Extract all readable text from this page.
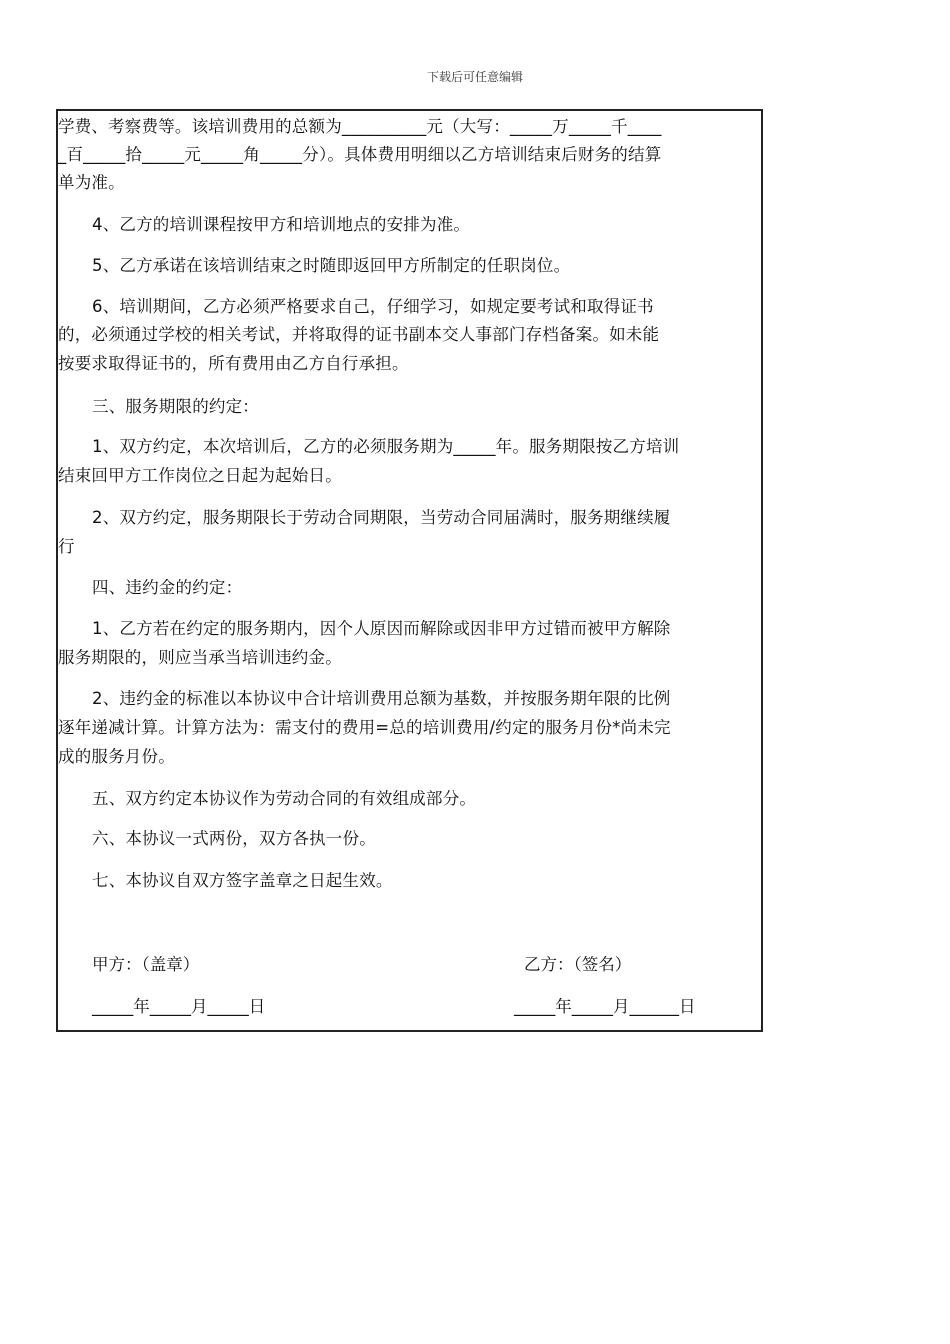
下载后可任意编辑
学费、考察费等。该培训费用的总额为__________元（大写：_____万_____千____
_百_____拾_____元_____角_____分）。具体费用明细以乙方培训结束后财务的结算
单为准。
4、乙方的培训课程按甲方和培训地点的安排为准。
5、乙方承诺在该培训结束之时随即返回甲方所制定的任职岗位。
6、培训期间，乙方必须严格要求自己，仔细学习，如规定要考试和取得证书
的，必须通过学校的相关考试，并将取得的证书副本交人事部门存档备案。如未能
按要求取得证书的，所有费用由乙方自行承担。
三、服务期限的约定：
1、双方约定，本次培训后，乙方的必须服务期为_____年。服务期限按乙方培训
结束回甲方工作岗位之日起为起始日。
2、双方约定，服务期限长于劳动合同期限，当劳动合同届满时，服务期继续履
行
四、违约金的约定：
1、乙方若在约定的服务期内，因个人原因而解除或因非甲方过错而被甲方解除
服务期限的，则应当承当培训违约金。
2、违约金的标准以本协议中合计培训费用总额为基数，并按服务期年限的比例
逐年递减计算。计算方法为：需支付的费用=总的培训费用/约定的服务月份*尚未完
成的服务月份。
五、双方约定本协议作为劳动合同的有效组成部分。
六、本协议一式两份，双方各执一份。
七、本协议自双方签字盖章之日起生效。
甲方：（盖章）	乙方：（签名）
_____年_____月_____日	_____年_____月______日
